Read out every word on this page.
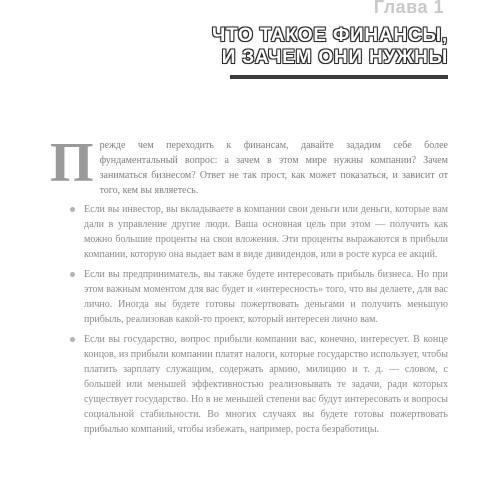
Глава 1
ЧТО ТАКОЕ ФИНАНСЫ,
И ЗАЧЕМ ОНИ НУЖНЫ

П режде чем переходить к финансам, давайте зададим себе более фундаментальный вопрос: а зачем в этом мире нужны компании? Зачем заниматься бизнесом? Ответ не так прост, как может показаться, и зависит от того, кем вы являетесь.

Если вы инвестор, вы вкладываете в компании свои деньги или деньги, которые вам дали в управление другие люди. Ваша основная цель при этом — получить как можно большие проценты на свои вложения. Эти проценты выражаются в прибыли компании, которую она выдает вам в виде дивидендов, или в росте курса ее акций.
Если вы предприниматель, вы также будете интересовать прибыль бизнеса. Но при этом важным моментом для вас будет и «интересность» того, что вы делаете, для вас лично. Иногда вы будете готовы пожертвовать деньгами и получить меньшую прибыль, реализовав какой-то проект, который интересен лично вам.
Если вы государство, вопрос прибыли компании вас, конечно, интересует. В конце концов, из прибыли компании платят налоги, которые государство использует, чтобы платить зарплату служащим, содержать армию, милицию и т. д. — словом, с большей или меньшей эффективностью реализовывать те задачи, ради которых существует государство. Но в не меньшей степени вас будут интересовать и вопросы социальной стабильности. Во многих случаях вы будете готовы пожертвовать прибылью компаний, чтобы избежать, например, роста безработицы.
